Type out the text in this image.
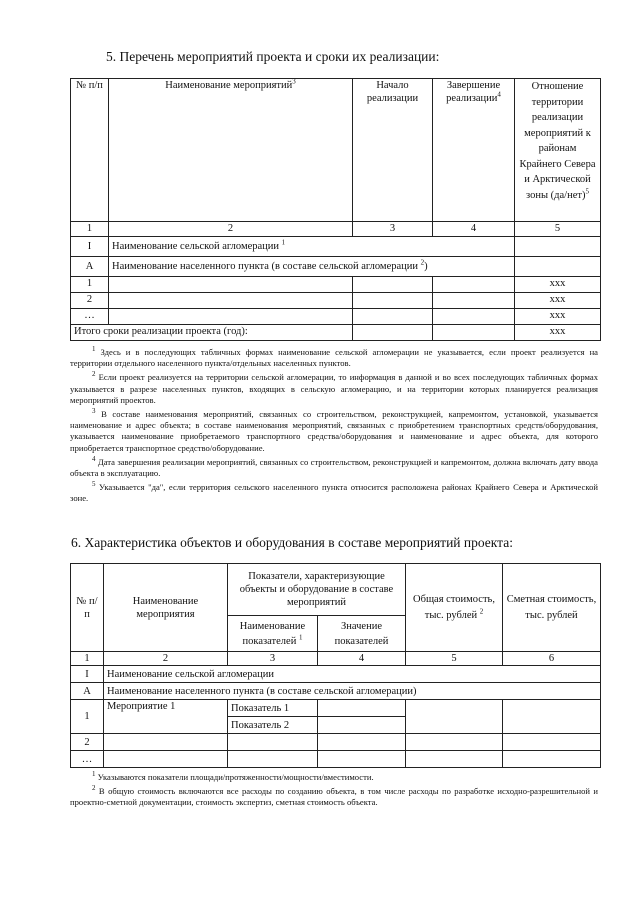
5. Перечень мероприятий проекта и сроки их реализации:
№ п/п	Наименование мероприятий$^3$	Начало реализации	Завершение реализации$^4$	Отношение территории реализации мероприятий к районам Крайнего Севера и Арктической зоны $(да/нет)^5$
1	2	3	4	5
I	Наименование сельской агломерации $^1$	
А	Наименование населенного пункта (в составе сельской агломерации $^2$)			
1				ххх
2				ххх
…				ххх
Итого сроки реализации проекта (год):				ххх

$^1$ Здесь и в последующих табличных формах наименование сельской агломерации не указывается, если проект реализуется на территории отдельного населенного пункта/отдельных населенных пунктов.

$^2$ Если проект реализуется на территории сельской агломерации, то информация в данной и во всех последующих табличных формах указывается в разрезе населенных пунктов, входящих в сельскую агломерацию, и на территории которых планируется реализация мероприятий проектов.

$^3$ В составе наименования мероприятий, связанных со строительством, реконструкцией, капремонтом, установкой, указывается наименование и адрес объекта; в составе наименования мероприятий, связанных с приобретением транспортных средств/оборудования, указывается наименование приобретаемого транспортного средства/оборудования и наименование и адрес объекта, для которого приобретается транспортное средство/оборудование.

$^4$ Дата завершения реализации мероприятий, связанных со строительством, реконструкцией и капремонтом, должна включать дату ввода объекта в эксплуатацию.

$^5$ Указывается "да", если территория сельского населенного пункта относится расположена районах Крайнего Севера и Арктической зоне.

6. Характеристика объектов и оборудования в составе мероприятий проекта:
№ п/п	Наименование мероприятия	Показатели, характеризующие объекты и оборудование в составе мероприятий		Общая стоимость, тыс. рублей $^2$	Сметная стоимость, тыс. рублей
		Наименование показателей $^1$	Значение показателей		
1	2	3	4	5	6
I	Наименование сельской агломерации				
А	Наименование населенного пункта (в составе сельской агломерации)				
1	Мероприятие 1	Показатель 1			
		Показатель 2			
2					
…					

$^1$ Указываются показатели площади/протяженности/мощности/вместимости.

$^2$ В общую стоимость включаются все расходы по созданию объекта, в том числе расходы по разработке исходно-разрешительной и проектно-сметной документации, стоимость экспертиз, сметная стоимость объекта.
